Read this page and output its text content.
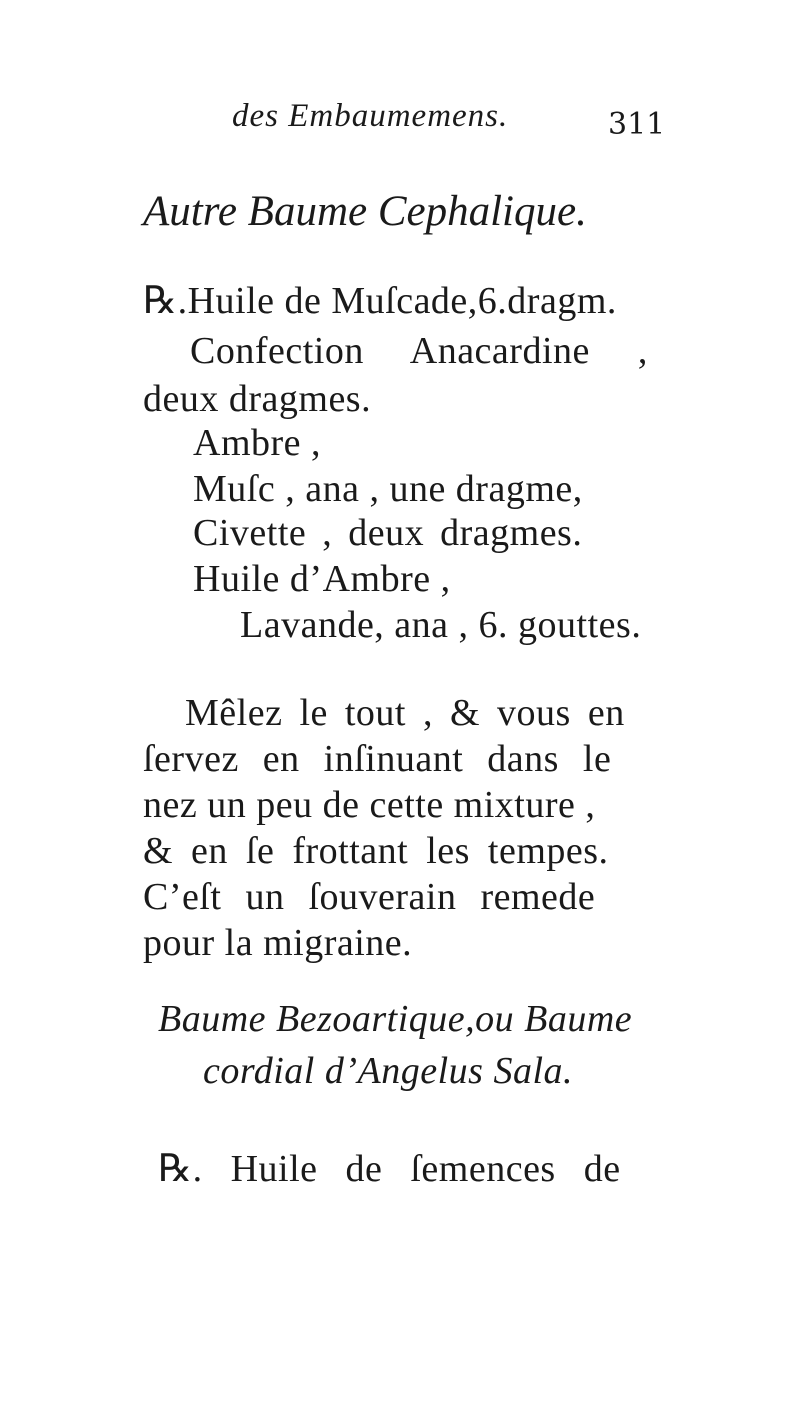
des Embaumemens.	311
Autre Baume Cephalique.
℞.Huile de Muſcade,6.dragm.
Confection Anacardine ,
deux dragmes.
Ambre ,
Muſc , ana , une dragme,
Civette , deux dragmes.
Huile d’Ambre ,
Lavande, ana , 6. gouttes.
Mêlez le tout , & vous en
ſervez en inſinuant dans le
nez un peu de cette mixture ,
& en ſe frottant les tempes.
C’eſt un ſouverain remede
pour la migraine.
Baume Bezoartique,ou Baume
cordial d’Angelus Sala.
℞. Huile de ſemences de
